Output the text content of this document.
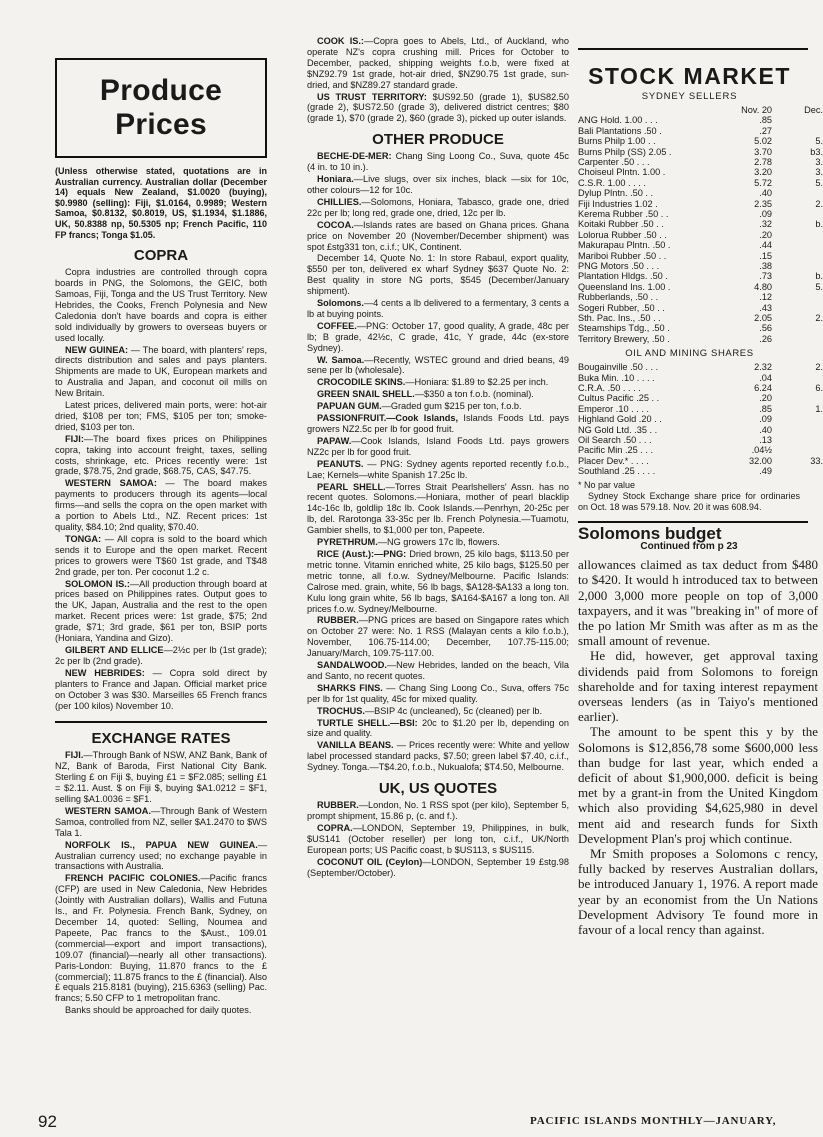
Produce Prices

(Unless otherwise stated, quotations are in Australian currency. Australian dollar (December 14) equals New Zealand, $1.0020 (buying), $0.9980 (selling): Fiji, $1.0164, 0.9989; Western Samoa, $0.8132, $0.8019, US, $1.1934, $1.1886, UK, 50.8388 np, 50.5305 np; French Pacific, 110 FP francs; Tonga $1.05.

COPRA

Copra industries are controlled through copra boards in PNG, the Solomons, the GEIC, both Samoas, Fiji, Tonga and the US Trust Territory. New Hebrides, the Cooks, French Polynesia and New Caledonia don't have boards and copra is either sold individually by growers to overseas buyers or used locally.

NEW GUINEA: — The board, with planters' reps, directs distribution and sales and pays planters. Shipments are made to UK, European markets and to Australia and Japan, and coconut oil mills on New Britain.

Latest prices, delivered main ports, were: hot-air dried, $108 per ton; FMS, $105 per ton; smoke-dried, $103 per ton.

FIJI:—The board fixes prices on Philippines copra, taking into account freight, taxes, selling costs, shrinkage, etc. Prices recently were: 1st grade, $78.75, 2nd grade, $68.75, CAS, $47.75.

WESTERN SAMOA: — The board makes payments to producers through its agents—local firms—and sells the copra on the open market with a portion to Abels Ltd., NZ. Recent prices: 1st quality, $84.10; 2nd quality, $70.40.

TONGA: — All copra is sold to the board which sends it to Europe and the open market. Recent prices to growers were T$60 1st grade, and T$48 2nd grade, per ton. Per coconut 1.2 c.

SOLOMON IS.:—All production through board at prices based on Philippines rates. Output goes to the UK, Japan, Australia and the rest to the open market. Recent prices were: 1st grade, $75; 2nd grade, $71; 3rd grade, $61 per ton, BSIP ports (Honiara, Yandina and Gizo).

GILBERT AND ELLICE—2½c per lb (1st grade); 2c per lb (2nd grade).

NEW HEBRIDES: — Copra sold direct by planters to France and Japan. Official market price on October 3 was $30. Marseilles 65 French francs (per 100 kilos) November 10.

EXCHANGE RATES

FIJI.—Through Bank of NSW, ANZ Bank, Bank of NZ, Bank of Baroda, First National City Bank. Sterling £ on Fiji $, buying £1 = $F2.085; selling £1 = $2.11. Aust. $ on Fiji $, buying $A1.0212 = $F1, selling $A1.0036 = $F1.

WESTERN SAMOA.—Through Bank of Western Samoa, controlled from NZ, seller $A1.2470 to $WS Tala 1.

NORFOLK IS., PAPUA NEW GUINEA.—Australian currency used; no exchange payable in transactions with Australia.

FRENCH PACIFIC COLONIES.—Pacific francs (CFP) are used in New Caledonia, New Hebrides (Jointly with Australian dollars), Wallis and Futuna Is., and Fr. Polynesia. French Bank, Sydney, on December 14, quoted: Selling, Noumea and Papeete, Pac francs to the $Aust., 109.01 (commercial—export and import transactions), 109.07 (financial)—nearly all other transactions). Paris-London: Buying, 11.870 francs to the £ (commercial); 11.875 francs to the £ (financial). Also £ equals 215.8181 (buying), 215.6363 (selling) Pac. francs; 5.50 CFP to 1 metropolitan franc.

Banks should be approached for daily quotes.

COOK IS.:—Copra goes to Abels, Ltd., of Auckland, who operate NZ's copra crushing mill. Prices for October to December, packed, shipping weights f.o.b, were fixed at $NZ92.79 1st grade, hot-air dried, $NZ90.75 1st grade, sun-dried, and $NZ89.27 standard grade.

US TRUST TERRITORY: $US92.50 (grade 1), $US82.50 (grade 2), $US72.50 (grade 3), delivered district centres; $80 (grade 1), $70 (grade 2), $60 (grade 3), picked up outer islands.

OTHER PRODUCE

BECHE-DE-MER: Chang Sing Loong Co., Suva, quote 45c (4 in. to 10 in.).

Honiara.—Live slugs, over six inches, black —six for 10c, other colours—12 for 10c.

CHILLIES.—Solomons, Honiara, Tabasco, grade one, dried 22c per lb; long red, grade one, dried, 12c per lb.

COCOA.—Islands rates are based on Ghana prices. Ghana price on November 20 (November/December shipment) was spot £stg331 ton, c.i.f.; UK, Continent.

December 14, Quote No. 1: In store Rabaul, export quality, $550 per ton, delivered ex wharf Sydney $637 Quote No. 2: Best quality in store NG ports, $545 (December/January shipment).

Solomons.—4 cents a lb delivered to a fermentary, 3 cents a lb at buying points.

COFFEE.—PNG: October 17, good quality, A grade, 48c per lb; B grade, 42½c, C grade, 41c, Y grade, 44c (ex-store Sydney).

W. Samoa.—Recently, WSTEC ground and dried beans, 49 sene per lb (wholesale).

CROCODILE SKINS.—Honiara: $1.89 to $2.25 per inch.

GREEN SNAIL SHELL.—$350 a ton f.o.b. (nominal).

PAPUAN GUM.—Graded gum $215 per ton, f.o.b.

PASSIONFRUIT.—Cook Islands, Islands Foods Ltd. pays growers NZ2.5c per lb for good fruit.

PAPAW.—Cook Islands, Island Foods Ltd. pays growers NZ2c per lb for good fruit.

PEANUTS. — PNG: Sydney agents reported recently f.o.b., Lae; Kernels—white Spanish 17.25c lb.

PEARL SHELL.—Torres Strait Pearlshellers' Assn. has no recent quotes. Solomons.—Honiara, mother of pearl blacklip 14c-16c lb, goldlip 18c lb. Cook Islands.—Penrhyn, 20-25c per lb, del. Rarotonga 33-35c per lb. French Polynesia.—Tuamotu, Gambier shells, to $1,000 per ton, Papeete.

PYRETHRUM.—NG growers 17c lb, flowers.

RICE (Aust.):—PNG: Dried brown, 25 kilo bags, $113.50 per metric tonne. Vitamin enriched white, 25 kilo bags, $125.50 per metric tonne, all f.o.w. Sydney/Melbourne. Pacific Islands: Calrose med. grain, white, 56 lb bags, $A128-$A133 a long ton. Kulu long grain white, 56 lb bags, $A164-$A167 a long ton. All prices f.o.w. Sydney/Melbourne.

RUBBER.—PNG prices are based on Singapore rates which on October 27 were: No. 1 RSS (Malayan cents a kilo f.o.b.), November, 106.75-114.00; December, 107.75-115.00; January/March, 109.75-117.00.

SANDALWOOD.—New Hebrides, landed on the beach, Vila and Santo, no recent quotes.

SHARKS FINS. — Chang Sing Loong Co., Suva, offers 75c per lb for 1st quality, 45c for mixed quality.

TROCHUS.—BSIP 4c (uncleaned), 5c (cleaned) per lb.

TURTLE SHELL.—BSI: 20c to $1.20 per lb, depending on size and quality.

VANILLA BEANS. — Prices recently were: White and yellow label processed standard packs, $7.50; green label $7.40, c.i.f., Sydney. Tonga.—T$4.20, f.o.b., Nukualofa; $T4.50, Melbourne.

UK, US QUOTES

RUBBER.—London, No. 1 RSS spot (per kilo), September 5, prompt shipment, 15.86 p, (c. and f.).

COPRA.—LONDON, September 19, Philippines, in bulk, $US141 (October reseller) per long ton, c.i.f., UK/North European ports; US Pacific coast, b $US113, s $US115.

COCONUT OIL (Ceylon)—LONDON, September 19 £stg.98 (September/October).

STOCK MARKET
SYDNEY SELLERS
	Nov. 20	Dec.
ANG Hold. 1.00 . . .	.85	
Bali Plantations .50 .	.27	
Burns Philp 1.00 . .	5.02	5.
Burns Philp (SS) 2.05 .	3.70	b3.
Carpenter .50 . . .	2.78	3.
Choiseul Plntn. 1.00 .	3.20	3.
C.S.R. 1.00 . . . .	5.72	5.
Dylup Plntn. .50 . .	.40	
Fiji Industries 1.02 .	2.35	2.
Kerema Rubber .50 . .	.09	
Koitaki Rubber .50 . .	.32	b.
Lolorua Rubber .50 . .	.20	
Makurapau Plntn. .50 .	.44	
Mariboi Rubber .50 . .	.15	
PNG Motors .50 . . .	.38	
Plantation Hldgs. .50 .	.73	b.
Queensland Ins. 1.00 .	4.80	5.
Rubberlands, .50 . .	.12	
Sogeri Rubber, .50 . .	.43	
Sth. Pac. Ins., .50 . .	2.05	2.
Steamships Tdg., .50 .	.56	
Territory Brewery, .50 .	.26	
OIL AND MINING SHARES
Bougainville .50 . . .	2.32	2.
Buka Min. .10 . . . .	.04	
C.R.A. .50 . . . .	6.24	6.
Cultus Pacific .25 . .	.20	
Emperor .10 . . . .	.85	1.
Highland Gold .20 . .	.09	
NG Gold Ltd. .35 . .	.40	
Oil Search .50 . . .	.13	
Pacific Min .25 . . .	.04½	
Placer Dev.* . . . .	32.00	33.
Southland .25 . . . .	.49	
* No par value
Sydney Stock Exchange share price for ordinaries on Oct. 18 was 579.18. Nov. 20 it was 608.94.
Solomons budget
Continued from p 23

allowances claimed as tax deduct from $480 to $420. It would h introduced tax to between 2,000 3,000 more people on top of 3,000 taxpayers, and it was "breaking in" of more of the po lation Mr Smith was after as m as the small amount of revenue.

He did, however, get approval taxing dividends paid from Solomons to foreign shareholde and for taxing interest repayment overseas lenders (as in Taiyo's mentioned earlier).

The amount to be spent this y by the Solomons is $12,856,78 some $600,000 less than budge for last year, which ended a deficit of about $1,900,000. deficit is being met by a grant-in from the United Kingdom which also providing $4,625,980 in devel ment aid and research funds for Sixth Development Plan's proj which continue.

Mr Smith proposes a Solomons c rency, fully backed by reserves Australian dollars, be introduced January 1, 1976. A report made year by an economist from the Un Nations Development Advisory Te found more in favour of a local rency than against.

92	PACIFIC ISLANDS MONTHLY—JANUARY,
